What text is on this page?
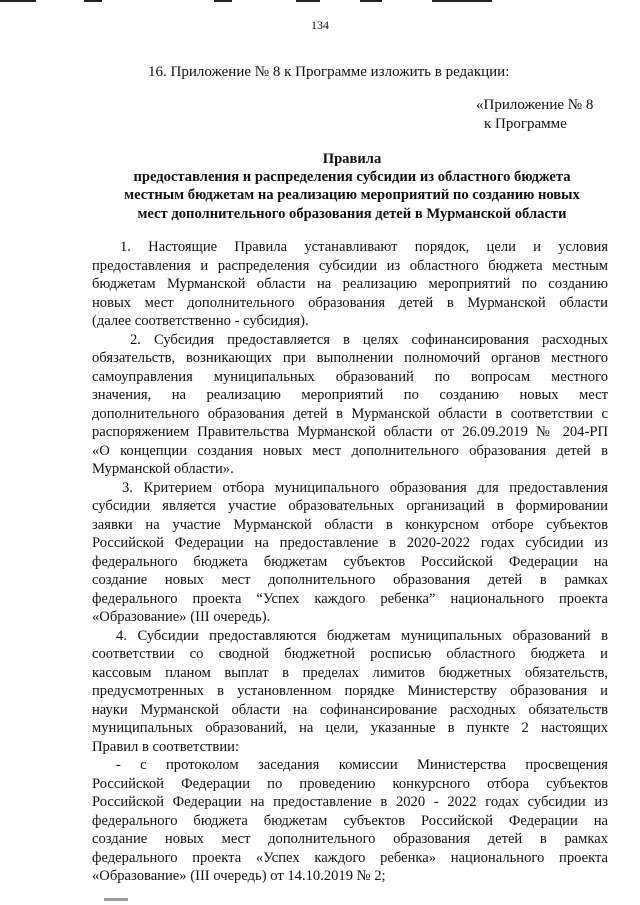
134
16. Приложение № 8 к Программе изложить в редакции:
«Приложение № 8
к Программе
Правила
предоставления и распределения субсидии из областного бюджета
местным бюджетам на реализацию мероприятий по созданию новых
мест дополнительного образования детей в Мурманской области
1. Настоящие Правила устанавливают порядок, цели и условия
предоставления и распределения субсидии из областного бюджета местным
бюджетам Мурманской области на реализацию мероприятий по созданию
новых мест дополнительного образования детей в Мурманской области
(далее соответственно - субсидия).
2. Субсидия предоставляется в целях софинансирования расходных
обязательств, возникающих при выполнении полномочий органов местного
самоуправления муниципальных образований по вопросам местного
значения, на реализацию мероприятий по созданию новых мест
дополнительного образования детей в Мурманской области в соответствии с
распоряжением Правительства Мурманской области от 26.09.2019 № 204-РП
«О концепции создания новых мест дополнительного образования детей в
Мурманской области».
3. Критерием отбора муниципального образования для предоставления
субсидии является участие образовательных организаций в формировании
заявки на участие Мурманской области в конкурсном отборе субъектов
Российской Федерации на предоставление в 2020-2022 годах субсидии из
федерального бюджета бюджетам субъектов Российской Федерации на
создание новых мест дополнительного образования детей в рамках
федерального проекта “Успех каждого ребенка” национального проекта
«Образование» (III очередь).
4. Субсидии предоставляются бюджетам муниципальных образований в
соответствии со сводной бюджетной росписью областного бюджета и
кассовым планом выплат в пределах лимитов бюджетных обязательств,
предусмотренных в установленном порядке Министерству образования и
науки Мурманской области на софинансирование расходных обязательств
муниципальных образований, на цели, указанные в пункте 2 настоящих
Правил в соответствии:
- с протоколом заседания комиссии Министерства просвещения
Российской Федерации по проведению конкурсного отбора субъектов
Российской Федерации на предоставление в 2020 - 2022 годах субсидии из
федерального бюджета бюджетам субъектов Российской Федерации на
создание новых мест дополнительного образования детей в рамках
федерального проекта «Успех каждого ребенка» национального проекта
«Образование» (III очередь) от 14.10.2019 № 2;
